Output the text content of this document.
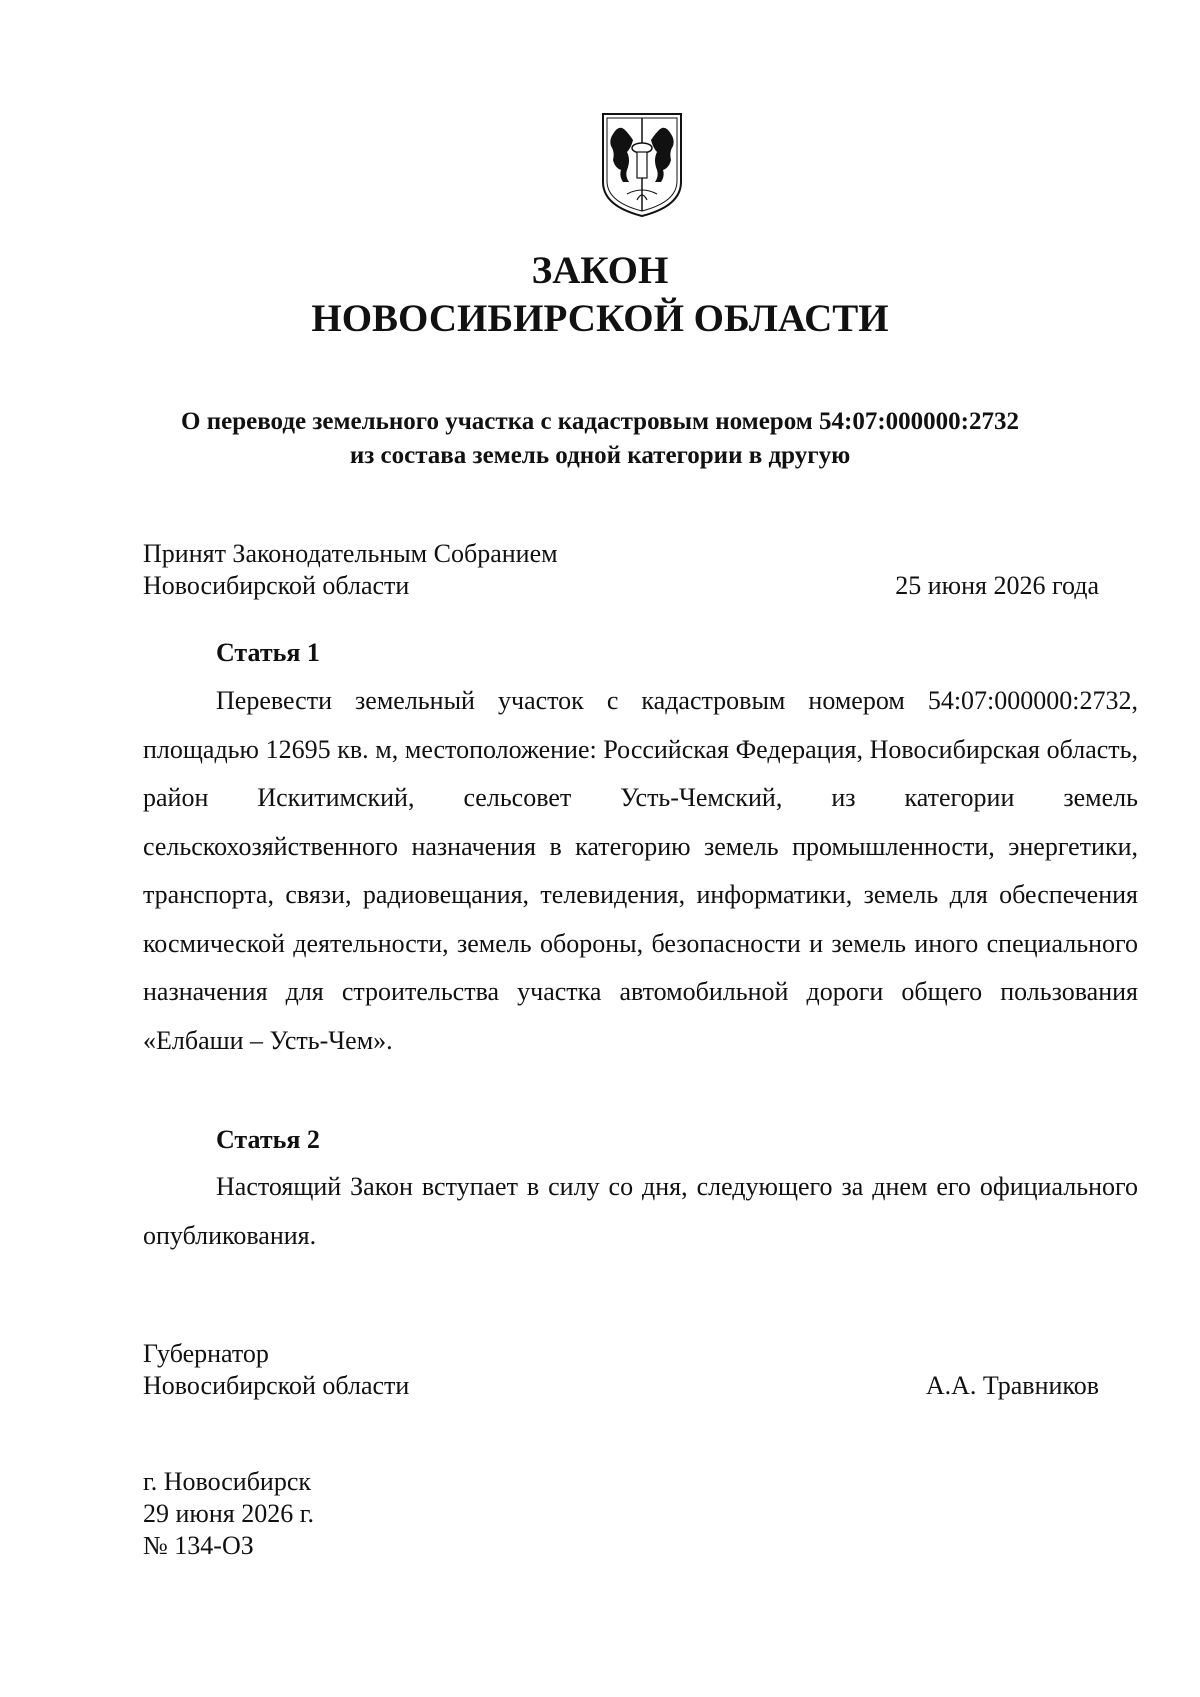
ЗАКОН
НОВОСИБИРСКОЙ ОБЛАСТИ
О переводе земельного участка с кадастровым номером 54:07:000000:2732
из состава земель одной категории в другую
Принят Законодательным Собранием
Новосибирской области	25 июня 2026 года
Статья 1
Перевести земельный участок с кадастровым номером 54:07:000000:2732, площадью 12695 кв. м, местоположение: Российская Федерация, Новосибирская область, район Искитимский, сельсовет Усть-Чемский, из категории земель сельскохозяйственного назначения в категорию земель промышленности, энергетики, транспорта, связи, радиовещания, телевидения, информатики, земель для обеспечения космической деятельности, земель обороны, безопасности и земель иного специального назначения для строительства участка автомобильной дороги общего пользования «Елбаши – Усть-Чем».
Статья 2
Настоящий Закон вступает в силу со дня, следующего за днем его официального опубликования.
Губернатор
Новосибирской области	А.А. Травников
г. Новосибирск
29 июня 2026 г.
№ 134-ОЗ
